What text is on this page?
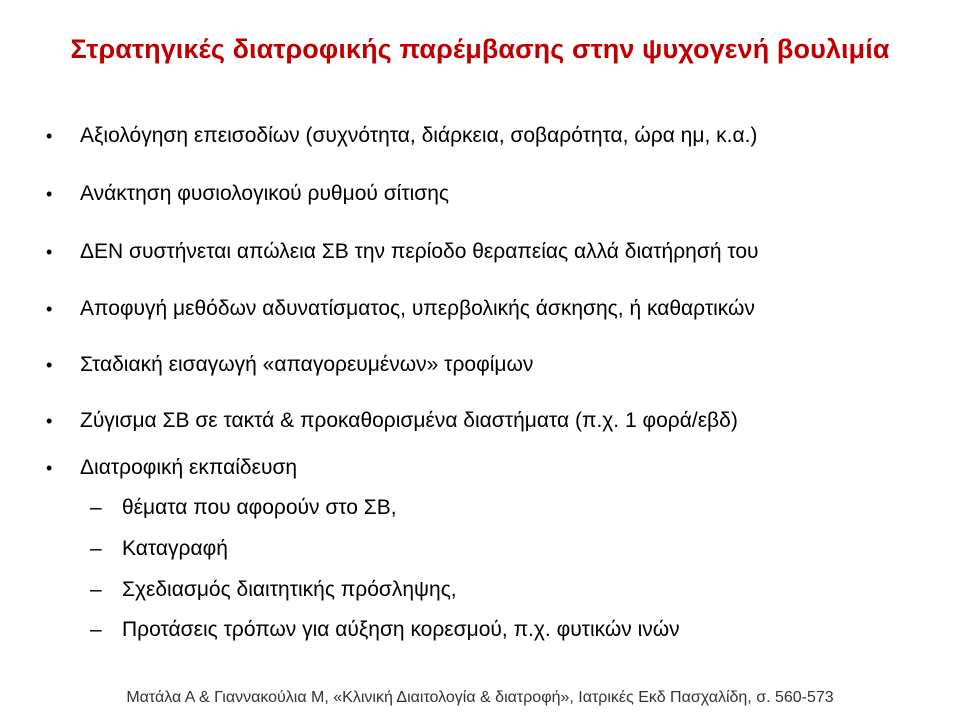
Στρατηγικές διατροφικής παρέμβασης στην ψυχογενή βουλιμία
• Αξιολόγηση επεισοδίων (συχνότητα, διάρκεια, σοβαρότητα, ώρα ημ, κ.α.)
• Ανάκτηση φυσιολογικού ρυθμού σίτισης
• ΔΕΝ συστήνεται απώλεια ΣΒ την περίοδο θεραπείας αλλά διατήρησή του
• Αποφυγή μεθόδων αδυνατίσματος, υπερβολικής άσκησης, ή καθαρτικών
• Σταδιακή εισαγωγή «απαγορευμένων» τροφίμων
• Ζύγισμα ΣΒ σε τακτά & προκαθορισμένα διαστήματα (π.χ. 1 φορά/εβδ)
• Διατροφική εκπαίδευση
– θέματα που αφορούν στο ΣΒ,
– Καταγραφή
– Σχεδιασμός διαιτητικής πρόσληψης,
– Προτάσεις τρόπων για αύξηση κορεσμού, π.χ. φυτικών ινών
Ματάλα Α & Γιαννακούλια Μ, «Κλινική Διαιτολογία & διατροφή», Ιατρικές Εκδ Πασχαλίδη, σ. 560-573
